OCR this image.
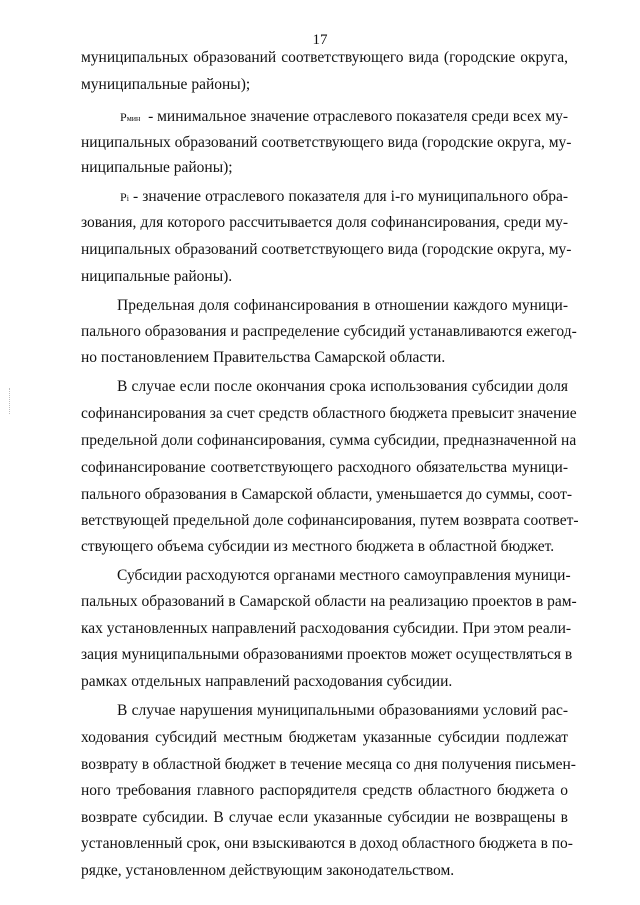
17
муниципальных образований соответствующего вида (городские округа,
муниципальные районы);
Pмин - минимальное значение отраслевого показателя среди всех му-
ниципальных образований соответствующего вида (городские округа, му-
ниципальные районы);
Pi - значение отраслевого показателя для i-го муниципального обра-
зования, для которого рассчитывается доля софинансирования, среди му-
ниципальных образований соответствующего вида (городские округа, му-
ниципальные районы).
Предельная доля софинансирования в отношении каждого муници-
пального образования и распределение субсидий устанавливаются ежегод-
но постановлением Правительства Самарской области.
В случае если после окончания срока использования субсидии доля
софинансирования за счет средств областного бюджета превысит значение
предельной доли софинансирования, сумма субсидии, предназначенной на
софинансирование соответствующего расходного обязательства муници-
пального образования в Самарской области, уменьшается до суммы, соот-
ветствующей предельной доле софинансирования, путем возврата соответ-
ствующего объема субсидии из местного бюджета в областной бюджет.
Субсидии расходуются органами местного самоуправления муници-
пальных образований в Самарской области на реализацию проектов в рам-
ках установленных направлений расходования субсидии. При этом реали-
зация муниципальными образованиями проектов может осуществляться в
рамках отдельных направлений расходования субсидии.
В случае нарушения муниципальными образованиями условий рас-
ходования субсидий местным бюджетам указанные субсидии подлежат
возврату в областной бюджет в течение месяца со дня получения письмен-
ного требования главного распорядителя средств областного бюджета о
возврате субсидии. В случае если указанные субсидии не возвращены в
установленный срок, они взыскиваются в доход областного бюджета в по-
рядке, установленном действующим законодательством.
